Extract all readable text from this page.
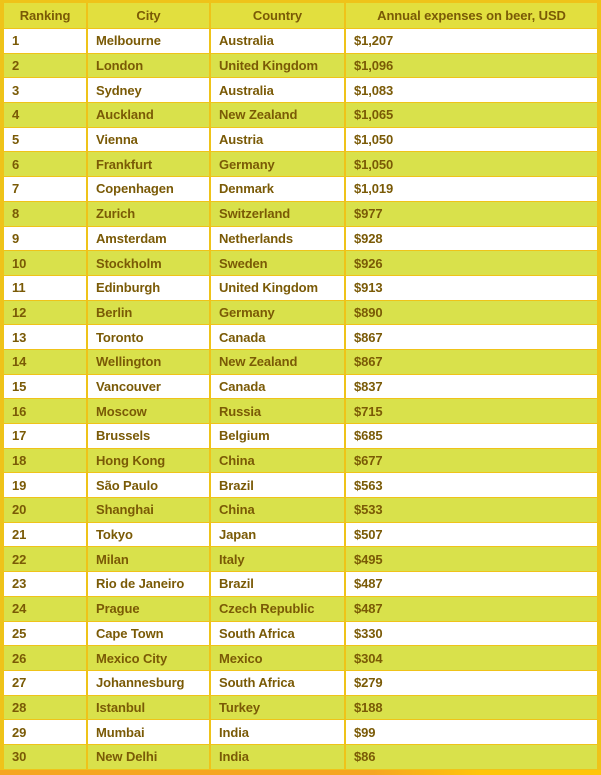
Ranking	City	Country	Annual expenses on beer, USD
1	Melbourne	Australia	$1,207
2	London	United Kingdom	$1,096
3	Sydney	Australia	$1,083
4	Auckland	New Zealand	$1,065
5	Vienna	Austria	$1,050
6	Frankfurt	Germany	$1,050
7	Copenhagen	Denmark	$1,019
8	Zurich	Switzerland	$977
9	Amsterdam	Netherlands	$928
10	Stockholm	Sweden	$926
11	Edinburgh	United Kingdom	$913
12	Berlin	Germany	$890
13	Toronto	Canada	$867
14	Wellington	New Zealand	$867
15	Vancouver	Canada	$837
16	Moscow	Russia	$715
17	Brussels	Belgium	$685
18	Hong Kong	China	$677
19	São Paulo	Brazil	$563
20	Shanghai	China	$533
21	Tokyo	Japan	$507
22	Milan	Italy	$495
23	Rio de Janeiro	Brazil	$487
24	Prague	Czech Republic	$487
25	Cape Town	South Africa	$330
26	Mexico City	Mexico	$304
27	Johannesburg	South Africa	$279
28	Istanbul	Turkey	$188
29	Mumbai	India	$99
30	New Delhi	India	$86
